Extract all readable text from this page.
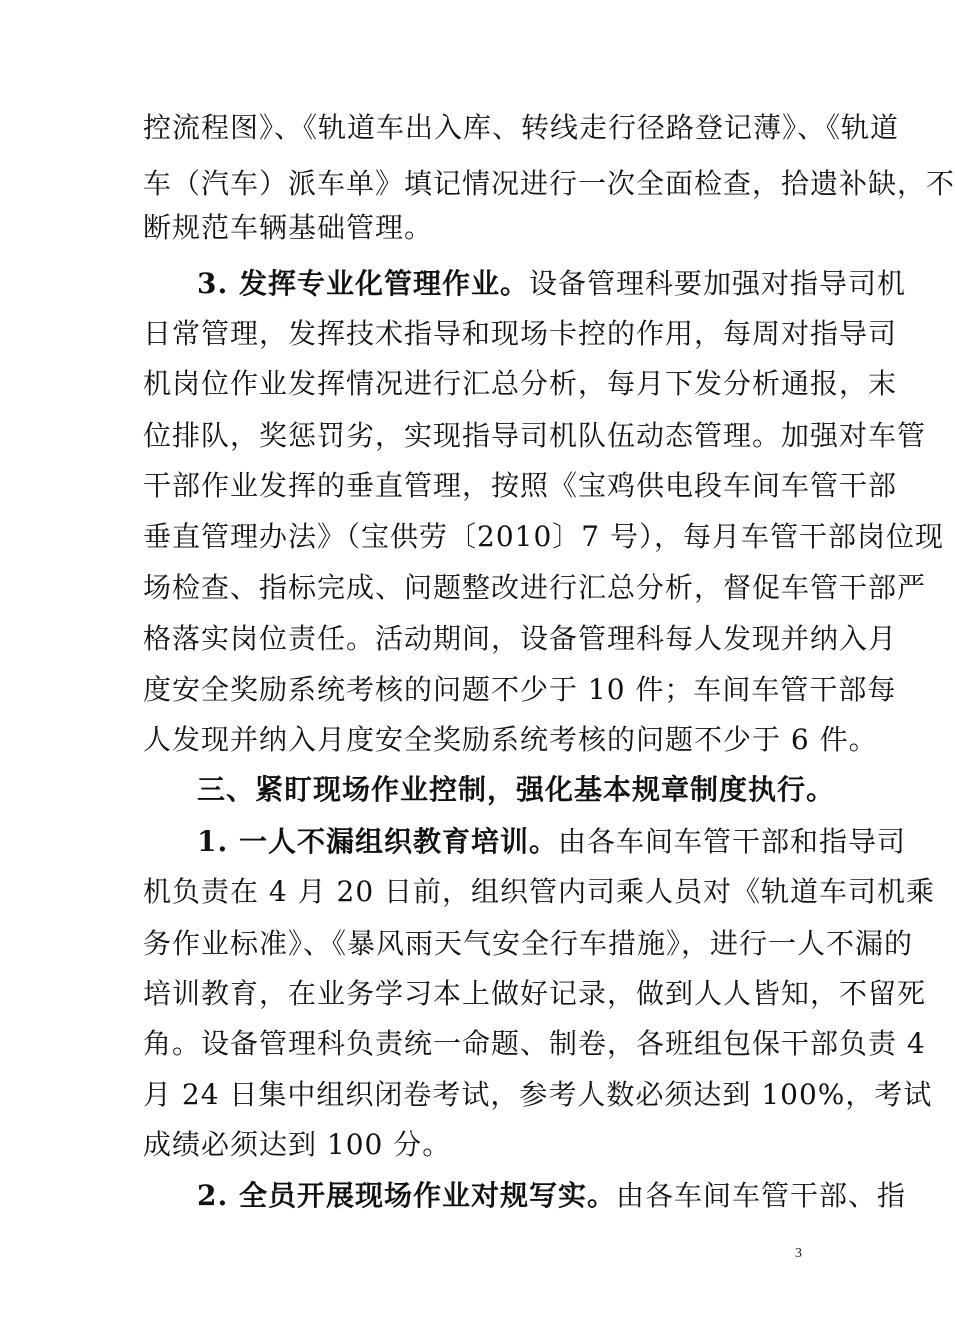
控流程图》、《轨道车出入库、转线走行径路登记薄》、《轨道
车（汽车）派车单》填记情况进行一次全面检查，拾遗补缺，不
断规范车辆基础管理。
3. 发挥专业化管理作业。设备管理科要加强对指导司机
日常管理，发挥技术指导和现场卡控的作用，每周对指导司
机岗位作业发挥情况进行汇总分析，每月下发分析通报，末
位排队，奖惩罚劣，实现指导司机队伍动态管理。加强对车管
干部作业发挥的垂直管理，按照《宝鸡供电段车间车管干部
垂直管理办法》（宝供劳〔2010〕7 号），每月车管干部岗位现
场检查、指标完成、问题整改进行汇总分析，督促车管干部严
格落实岗位责任。活动期间，设备管理科每人发现并纳入月
度安全奖励系统考核的问题不少于 10 件；车间车管干部每
人发现并纳入月度安全奖励系统考核的问题不少于 6 件。
三、紧盯现场作业控制，强化基本规章制度执行。
1. 一人不漏组织教育培训。由各车间车管干部和指导司
机负责在 4 月 20 日前，组织管内司乘人员对《轨道车司机乘
务作业标准》、《暴风雨天气安全行车措施》，进行一人不漏的
培训教育，在业务学习本上做好记录，做到人人皆知，不留死
角。设备管理科负责统一命题、制卷，各班组包保干部负责 4
月 24 日集中组织闭卷考试，参考人数必须达到 100%，考试
成绩必须达到 100 分。
2. 全员开展现场作业对规写实。由各车间车管干部、指
3
